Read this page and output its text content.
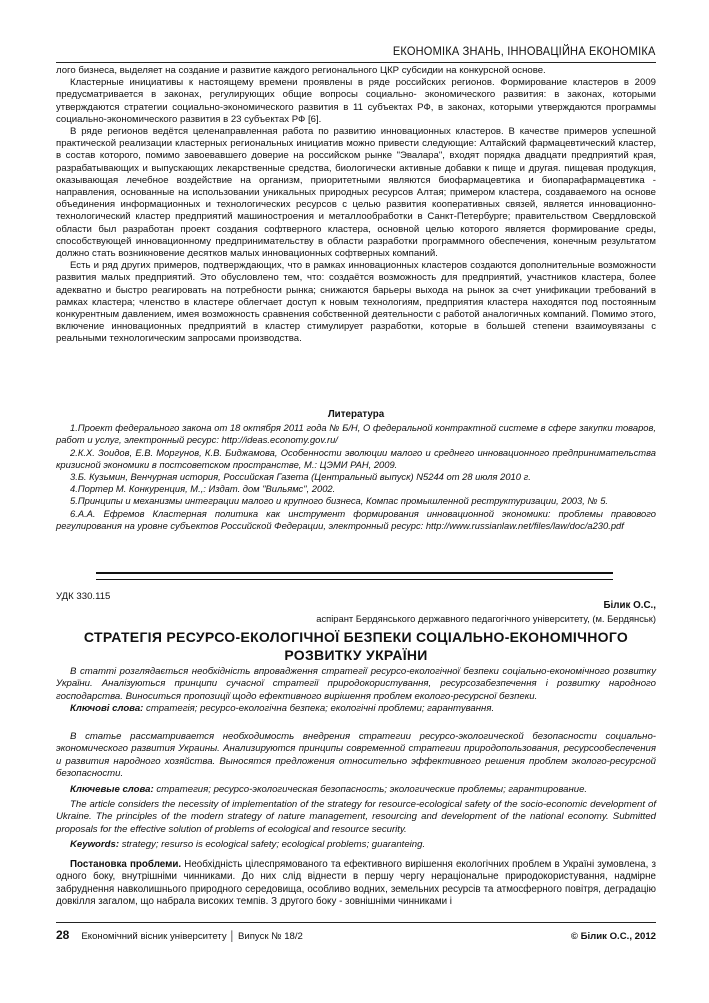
ЕКОНОМІКА ЗНАНЬ, ІННОВАЦІЙНА ЕКОНОМІКА

лого бизнеса, выделяет на создание и развитие каждого регионального ЦКР субсидии на конкурсной основе.

Кластерные инициативы к настоящему времени проявлены в ряде российских регионов. Формирование кластеров в 2009 предусматривается в законах, регулирующих общие вопросы социально- экономического развития: в законах, которыми утверждаются стратегии социально-экономического развития в 11 субъектах РФ, в законах, которыми утверждаются программы социально-экономического развития в 23 субъектах РФ [6].

В ряде регионов ведётся целенаправленная работа по развитию инновационных кластеров. В качестве примеров успешной практической реализации кластерных региональных инициатив можно привести следующие: Алтайский фармацевтический кластер, в состав которого, помимо завоевавшего доверие на российском рынке "Эвалара", входят порядка двадцати предприятий края, разрабатывающих и выпускающих лекарственные средства, биологически активные добавки к пище и другая. пищевая продукция, оказывающая лечебное воздействие на организм, приоритетными являются биофармацевтика и биопарафармацевтика - направления, основанные на использовании уникальных природных ресурсов Алтая; примером кластера, создаваемого на основе объединения информационных и технологических ресурсов с целью развития кооперативных связей, является инновационно-технологический кластер предприятий машиностроения и металлообработки в Санкт-Петербурге; правительством Свердловской области был разработан проект создания софтверного кластера, основной целью которого является формирование среды, способствующей инновационному предпринимательству в области разработки программного обеспечения, конечным результатом должно стать возникновение десятков малых инновационных софтверных компаний.

Есть и ряд других примеров, подтверждающих, что в рамках инновационных кластеров создаются дополнительные возможности развития малых предприятий. Это обусловлено тем, что: создаётся возможность для предприятий, участников кластера, более адекватно и быстро реагировать на потребности рынка; снижаются барьеры выхода на рынок за счет унификации требований в рамках кластера; членство в кластере облегчает доступ к новым технологиям, предприятия кластера находятся под постоянным конкурентным давлением, имея возможность сравнения собственной деятельности с работой аналогичных компаний. Помимо этого, включение инновационных предприятий в кластер стимулирует разработки, которые в большей степени взаимоувязаны с реальными технологическим запросами производства.

Литература

1.Проект федерального закона от 18 октября 2011 года № Б/Н, О федеральной контрактной системе в сфере закупки товаров, работ и услуг, электронный ресурс: http://ideas.economy.gov.ru/

2.К.Х. Зоидов, Е.В. Моргунов, К.В. Биджамова, Особенности эволюции малого и среднего инновационного предпринимательства кризисной экономики в постсоветском пространстве, М.: ЦЭМИ РАН, 2009.

3.Б. Кузьмин, Венчурная история, Российская Газета (Центральный выпуск) N5244 от 28 июля 2010 г.

4.Портер М. Конкуренция, М.,: Издат. дом "Вильямс", 2002.

5.Принципы и механизмы интеграции малого и крупного бизнеса, Компас промышленной реструктуризации, 2003, № 5.

6.А.А. Ефремов Кластерная политика как инструмент формирования инновационной экономики: проблемы правового регулирования на уровне субъектов Российской Федерации, электронный ресурс: http://www.russianlaw.net/files/law/doc/a230.pdf

УДК 330.115
Білик О.С.,
аспірант Бердянського державного педагогічного університету, (м. Бердянськ)
СТРАТЕГІЯ РЕСУРСО-ЕКОЛОГІЧНОЇ БЕЗПЕКИ СОЦІАЛЬНО-ЕКОНОМІЧНОГО
РОЗВИТКУ УКРАЇНИ

В статті розглядається необхідність впровадження стратегії ресурсо-екологічної безпеки соціально-економічного розвитку України. Аналізуються принципи сучасної стратегії природокористування, ресурсозабезпечення і розвитку народного господарства. Виноситься пропозиції щодо ефективного вирішення проблем еколого-ресурсної безпеки.

Ключові слова: стратегія; ресурсо-екологічна безпека; екологічні проблеми; гарантування.

В статье рассматривается необходимость внедрения стратегии ресурсо-экологической безопасности социально-экономического развития Украины. Анализируются принципы современной стратегии природопользования, ресурсообеспечения и развития народного хозяйства. Выносятся предложения относительно эффективного решения проблем эколого-ресурсной безопасности.

Ключевые слова: стратегия; ресурсо-экологическая безопасность; экологические проблемы; гарантирование.

The article considers the necessity of implementation of the strategy for resource-ecological safety of the socio-economic development of Ukraine. The principles of the modern strategy of nature management, resourcing and development of the national economy. Submitted proposals for the effective solution of problems of ecological and resource security.

Keywords: strategy; resurso is ecological safety; ecological problems; guaranteing.

Постановка проблеми. Необхідність цілеспрямованого та ефективного вирішення екологічних проблем в Україні зумовлена, з одного боку, внутрішніми чинниками. До них слід віднести в першу чергу нераціональне природокористування, надмірне забруднення навколишнього природного середовища, особливо водних, земельних ресурсів та атмосферного повітря, деградацію довкілля загалом, що набрала високих темпів. З другого боку - зовнішніми чинниками і

28 Економічний вісник університету │ Випуск № 18/2	© Білик О.С., 2012
